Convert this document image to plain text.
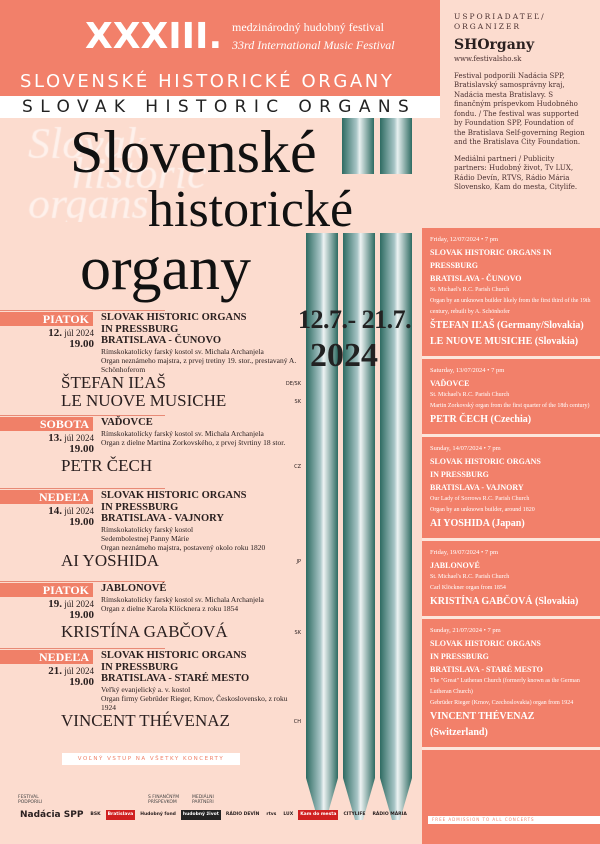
XXXIII. medzinárodný hudobný festival
33rd International Music Festival
SLOVENSKÉ HISTORICKÉ ORGANY
SLOVAK HISTORIC ORGANS
USPORIADATEĽ/ ORGANIZER
SHOrgany
www.festivalsho.sk

Festival podporili Nadácia SPP, Bratislavský samosprávny kraj, Nadácia mesta Bratislavy. S finančným príspevkom Hudobného fondu. / The festival was supported by Foundation SPP, Foundation of the Bratislava Self-governing Region and the Bratislava City Foundation.

Mediálni partneri / Publicity partners: Hudobný život, Tv LUX, Rádio Devín, RTVS, Rádio Mária Slovensko, Kam do mesta, Citylife.

Slovenské
historické
organy
12.7.- 21.7.
2024
PIATOK
12. júl 2024
19.00
SLOVAK HISTORIC ORGANS
IN PRESSBURG
BRATISLAVA - ČUNOVO
Rímskokatolícky farský kostol sv. Michala Archanjela
Organ neznámeho majstra, z prvej tretiny 19. stor., prestavaný A. Schönhoferom
ŠTEFAN IĽAŠ	DE/SK
LE NUOVE MUSICHE	SK
SOBOTA
13. júl 2024
19.00
VAĎOVCE
Rímskokatolícky farský kostol sv. Michala Archanjela
Organ z dielne Martina Zorkovského, z prvej štvrtiny 18 stor.
PETR ČECH	CZ
NEDEĽA
14. júl 2024
19.00
SLOVAK HISTORIC ORGANS
IN PRESSBURG
BRATISLAVA - VAJNORY
Rímskokatolícky farský kostol
Sedembolestnej Panny Márie
Organ neznámeho majstra, postavený okolo roku 1820
AI YOSHIDA	JP
PIATOK
19. júl 2024
19.00
JABLONOVÉ
Rímskokatolícky farský kostol sv. Michala Archanjela
Organ z dielne Karola Klöcknera z roku 1854
KRISTÍNA GABČOVÁ	SK
NEDEĽA
21. júl 2024
19.00
SLOVAK HISTORIC ORGANS
IN PRESSBURG
BRATISLAVA - STARÉ MESTO
Veľký evanjelický a. v. kostol
Organ firmy Gebrüder Rieger, Krnov, Československo, z roku 1924
VINCENT THÉVENAZ	CH
VOĽNÝ VSTUP NA VŠETKY KONCERTY
Friday, 12/07/2024 • 7 pm
SLOVAK HISTORIC ORGANS IN
PRESSBURG
BRATISLAVA - ČUNOVO
St. Michael's R.C. Parish Church
Organ by an unknown builder likely from the first third of the 19th century, rebuilt by A. Schönhofer
ŠTEFAN IĽAŠ (Germany/Slovakia)
LE NUOVE MUSICHE (Slovakia)
Saturday, 13/07/2024 • 7 pm
VAĎOVCE
St. Michael's R.C. Parish Church
Martin Zorkovský organ from the first quarter of the 18th century)
PETR ČECH (Czechia)
Sunday, 14/07/2024 • 7 pm
SLOVAK HISTORIC ORGANS
IN PRESSBURG
BRATISLAVA - VAJNORY
Our Lady of Sorrows R.C. Parish Church
Organ by an unknown builder, around 1820
AI YOSHIDA (Japan)
Friday, 19/07/2024 • 7 pm
JABLONOVÉ
St. Michael's R.C. Parish Church
Carl Klöckner organ from 1854
KRISTÍNA GABČOVÁ (Slovakia)
Sunday, 21/07/2024 • 7 pm
SLOVAK HISTORIC ORGANS
IN PRESSBURG
BRATISLAVA - STARÉ MESTO
The "Great" Lutheran Church (formerly known as the German Lutheran Church)
Gebrüder Rieger (Krnov, Czechoslovakia) organ from 1924
VINCENT THÉVENAZ
(Switzerland)
FREE ADMISSION TO ALL CONCERTS
FESTIVAL PODPORILI
S FINANČNÝM PRÍSPEVKOM
MEDIÁLNI PARTNERI
Nadácia SPP	BSK	Bratislava	Hudobný fond	hudobný život	RÁDIO DEVÍN	rtvs	LUX	Kam do mesta	CITYLIFE	RÁDIO MÁRIA
